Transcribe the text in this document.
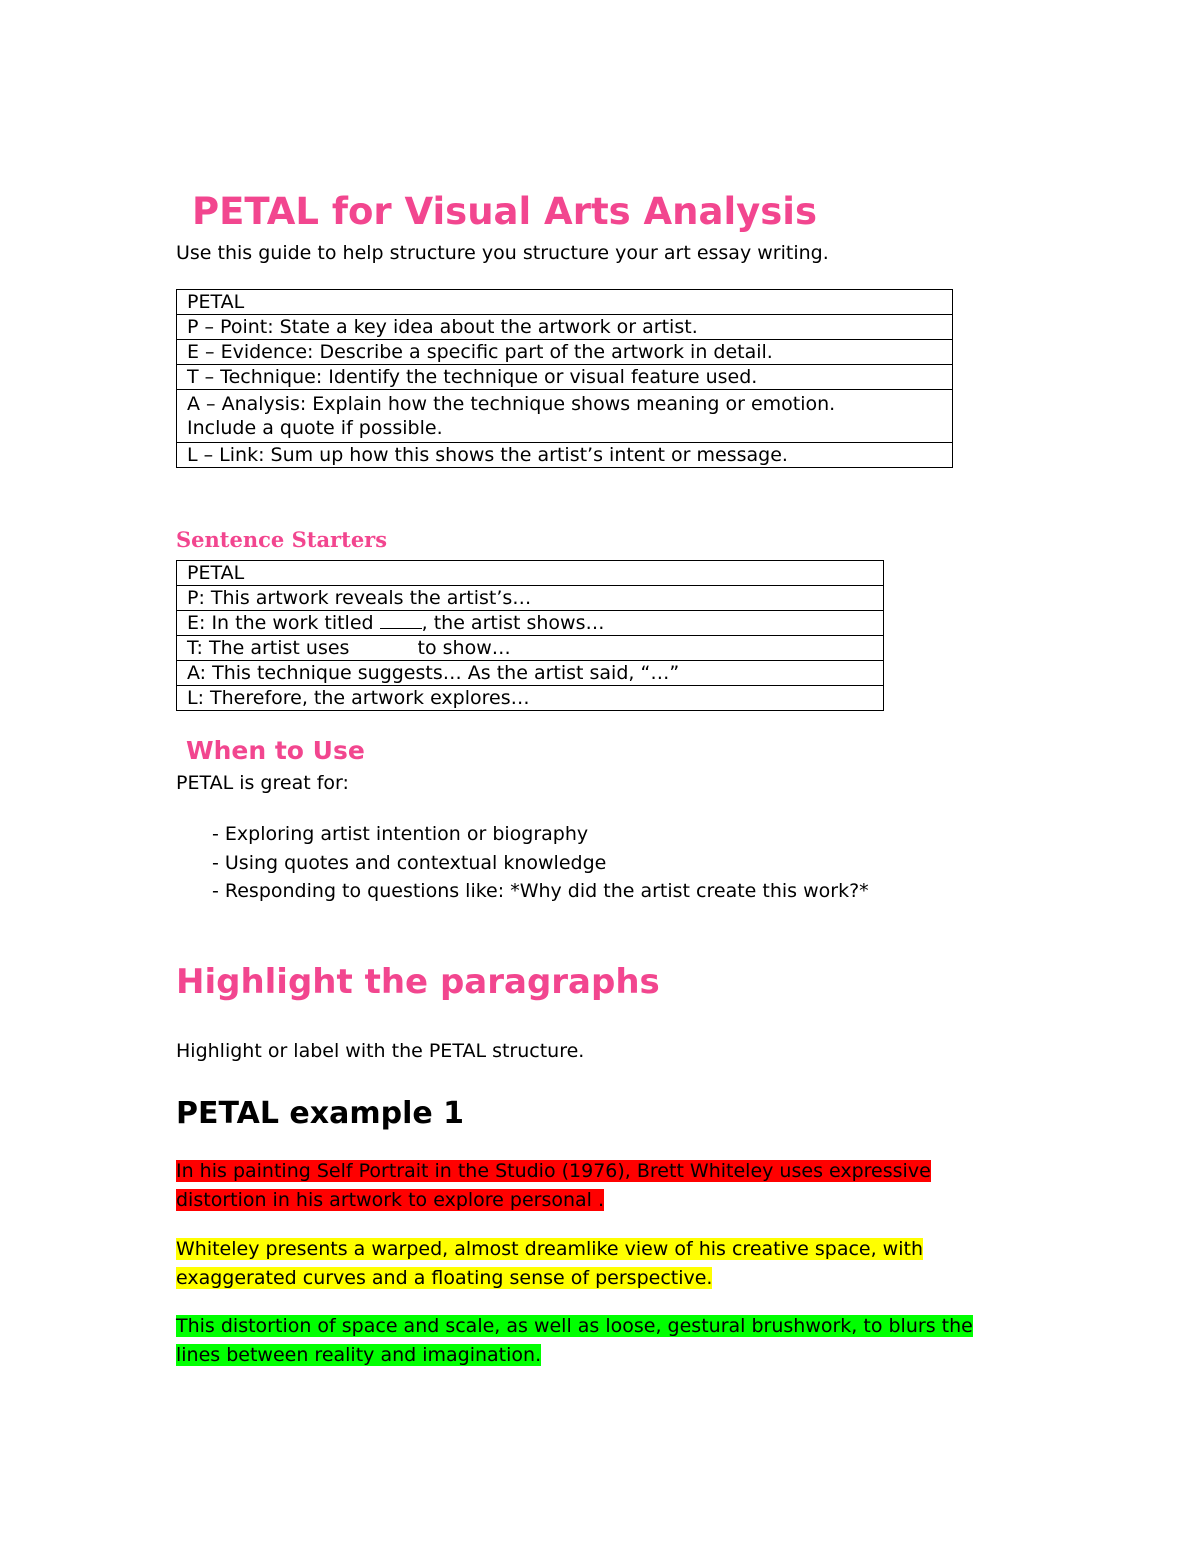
PETAL for Visual Arts Analysis

Use this guide to help structure you structure your art essay writing.

PETAL
P – Point: State a key idea about the artwork or artist.
E – Evidence: Describe a specific part of the artwork in detail.
T – Technique: Identify the technique or visual feature used.
A – Analysis: Explain how the technique shows meaning or emotion.
Include a quote if possible.
L – Link: Sum up how this shows the artist’s intent or message.
Sentence Starters
PETAL
P: This artwork reveals the artist’s…
E: In the work titled , the artist shows…
T: The artist uses	to show…
A: This technique suggests… As the artist said, “…”
L: Therefore, the artwork explores…
When to Use

PETAL is great for:

- Exploring artist intention or biography
- Using quotes and contextual knowledge
- Responding to questions like: *Why did the artist create this work?*
Highlight the paragraphs

Highlight or label with the PETAL structure.

PETAL example 1

In his painting Self Portrait in the Studio (1976), Brett Whiteley uses expressive distortion in his artwork to explore personal .

Whiteley presents a warped, almost dreamlike view of his creative space, with exaggerated curves and a floating sense of perspective.

This distortion of space and scale, as well as loose, gestural brushwork, to blurs the lines between reality and imagination.
